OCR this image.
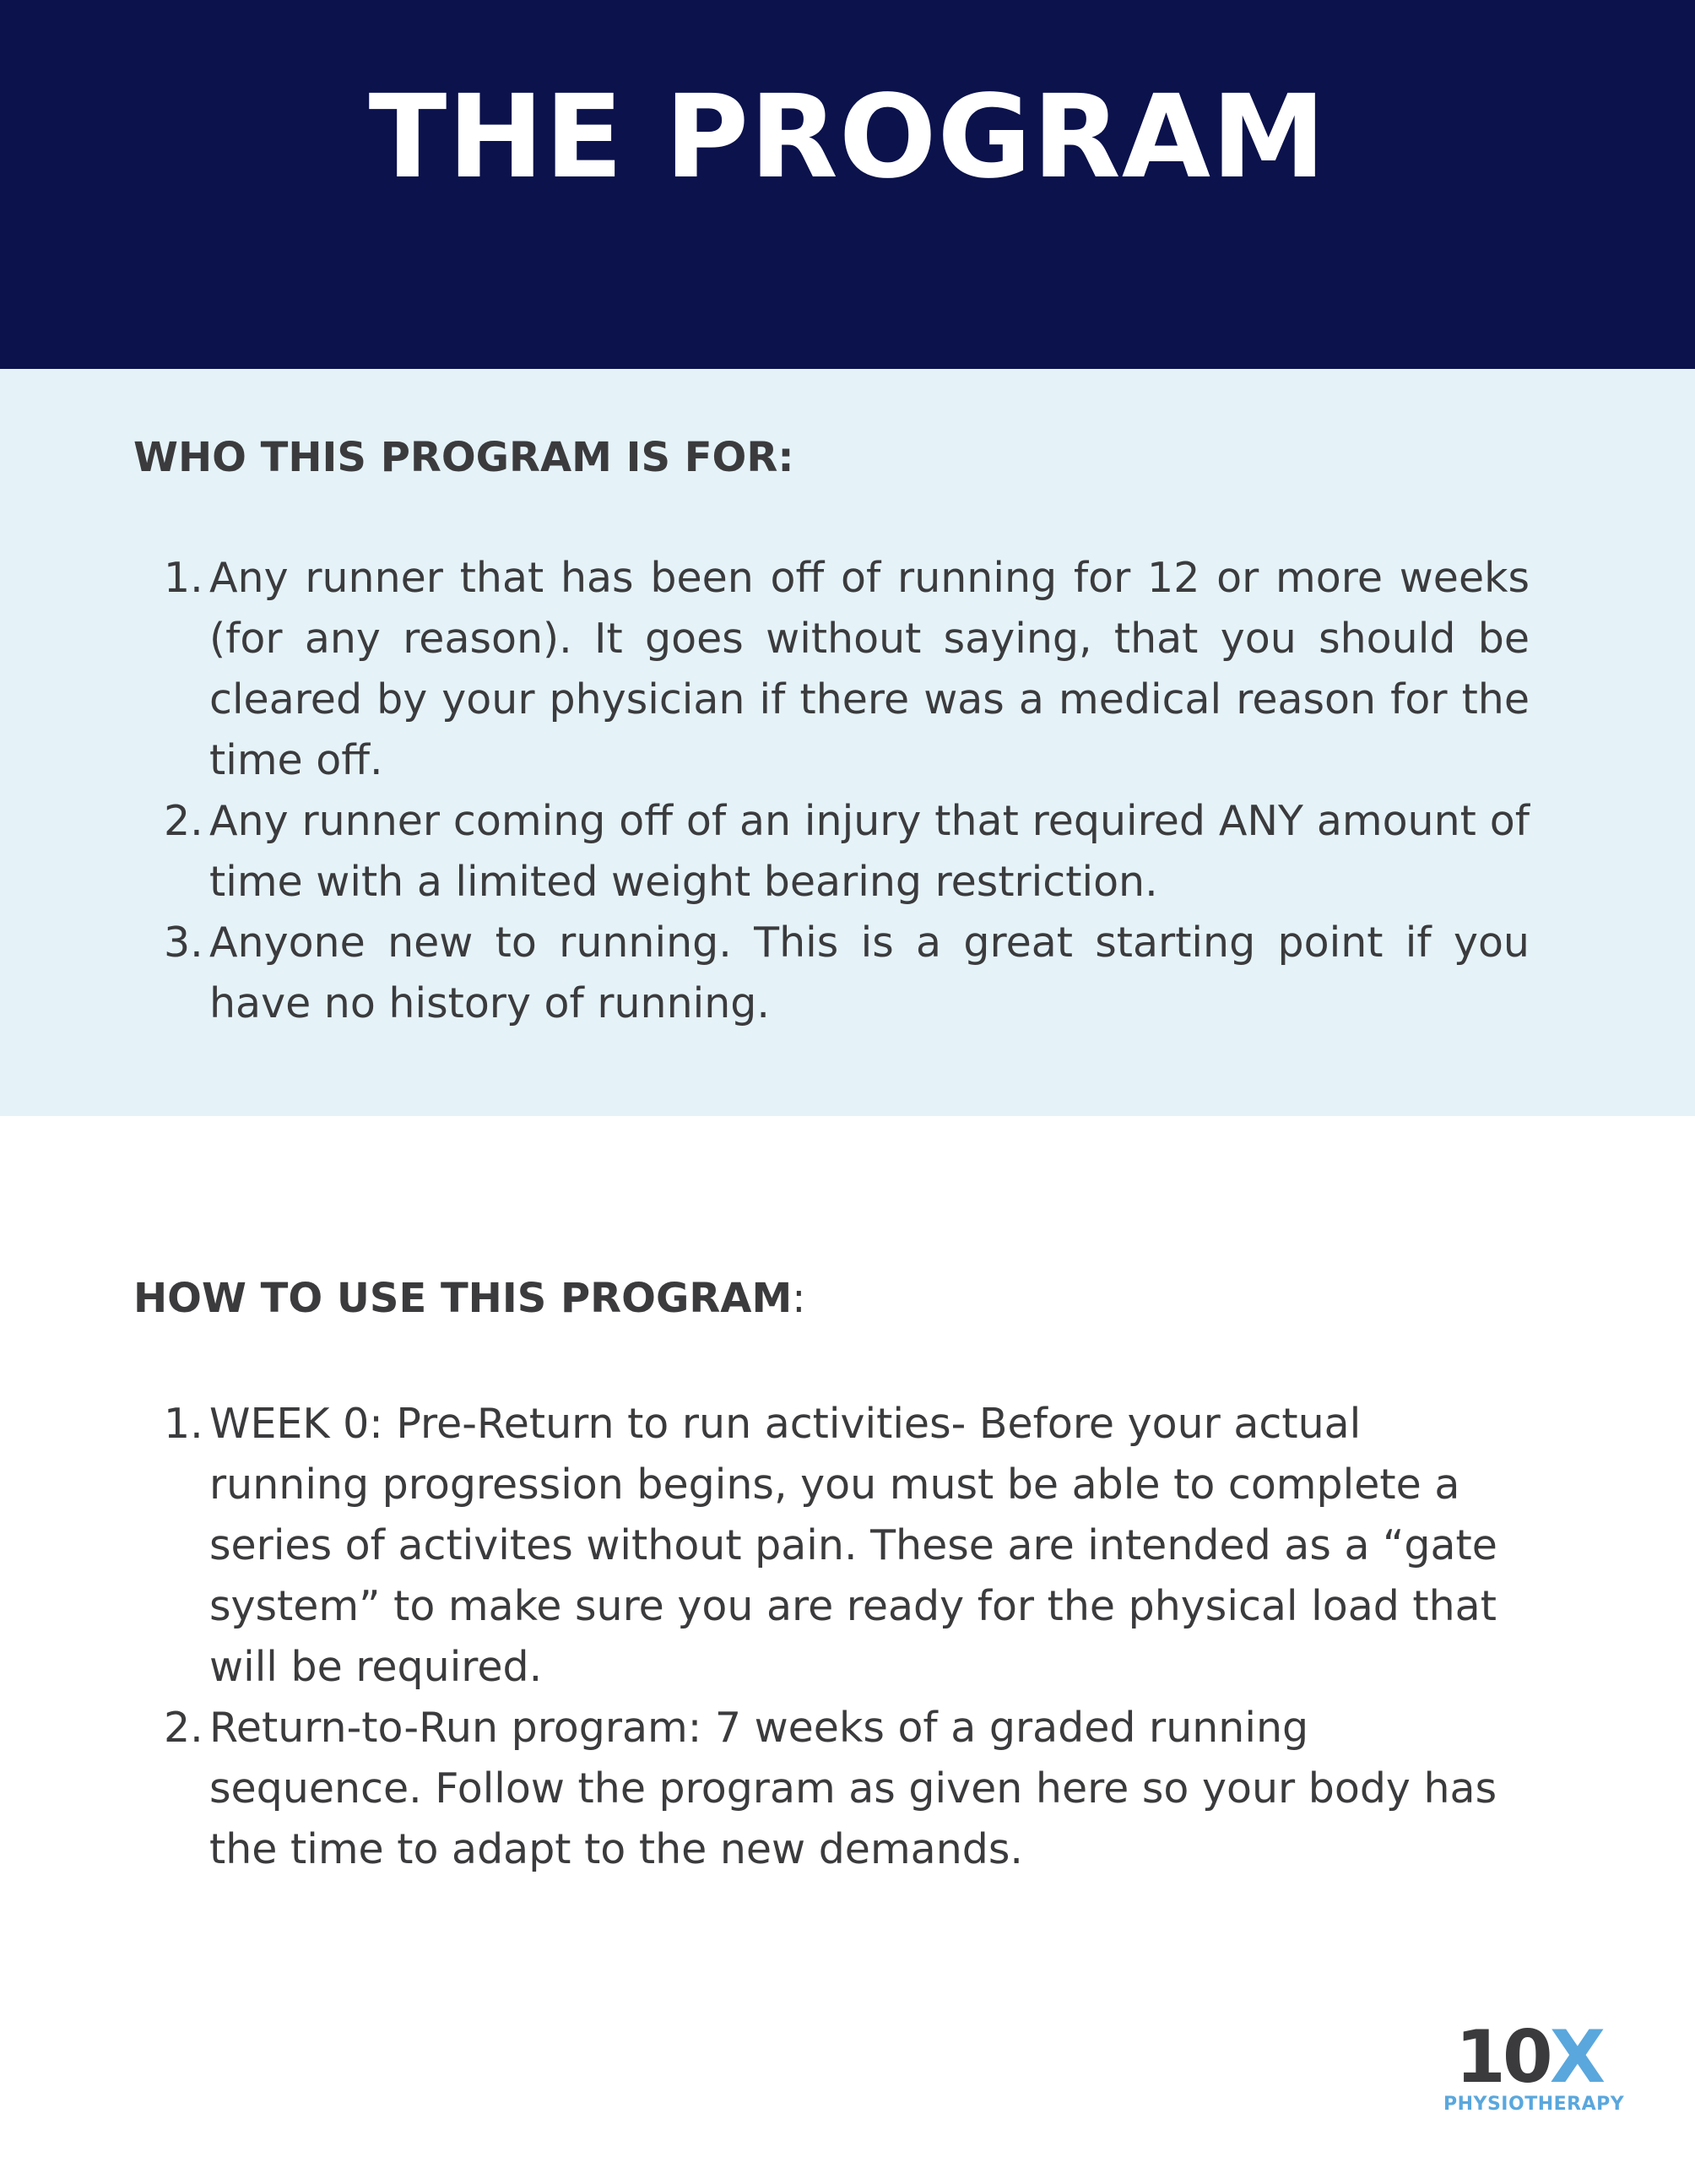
THE PROGRAM
WHO THIS PROGRAM IS FOR:
1. Any runner that has been off of running for 12 or more weeks (for any reason). It goes without saying, that you should be cleared by your physician if there was a medical reason for the time off.
2. Any runner coming off of an injury that required ANY amount of time with a limited weight bearing restriction.
3. Anyone new to running. This is a great starting point if you have no history of running.
HOW TO USE THIS PROGRAM:
1. WEEK 0: Pre-Return to run activities- Before your actual running progression begins, you must be able to complete a series of activites without pain. These are intended as a “gate system” to make sure you are ready for the physical load that will be required.
2. Return-to-Run program: 7 weeks of a graded running sequence. Follow the program as given here so your body has the time to adapt to the new demands.
10X
PHYSIOTHERAPY
